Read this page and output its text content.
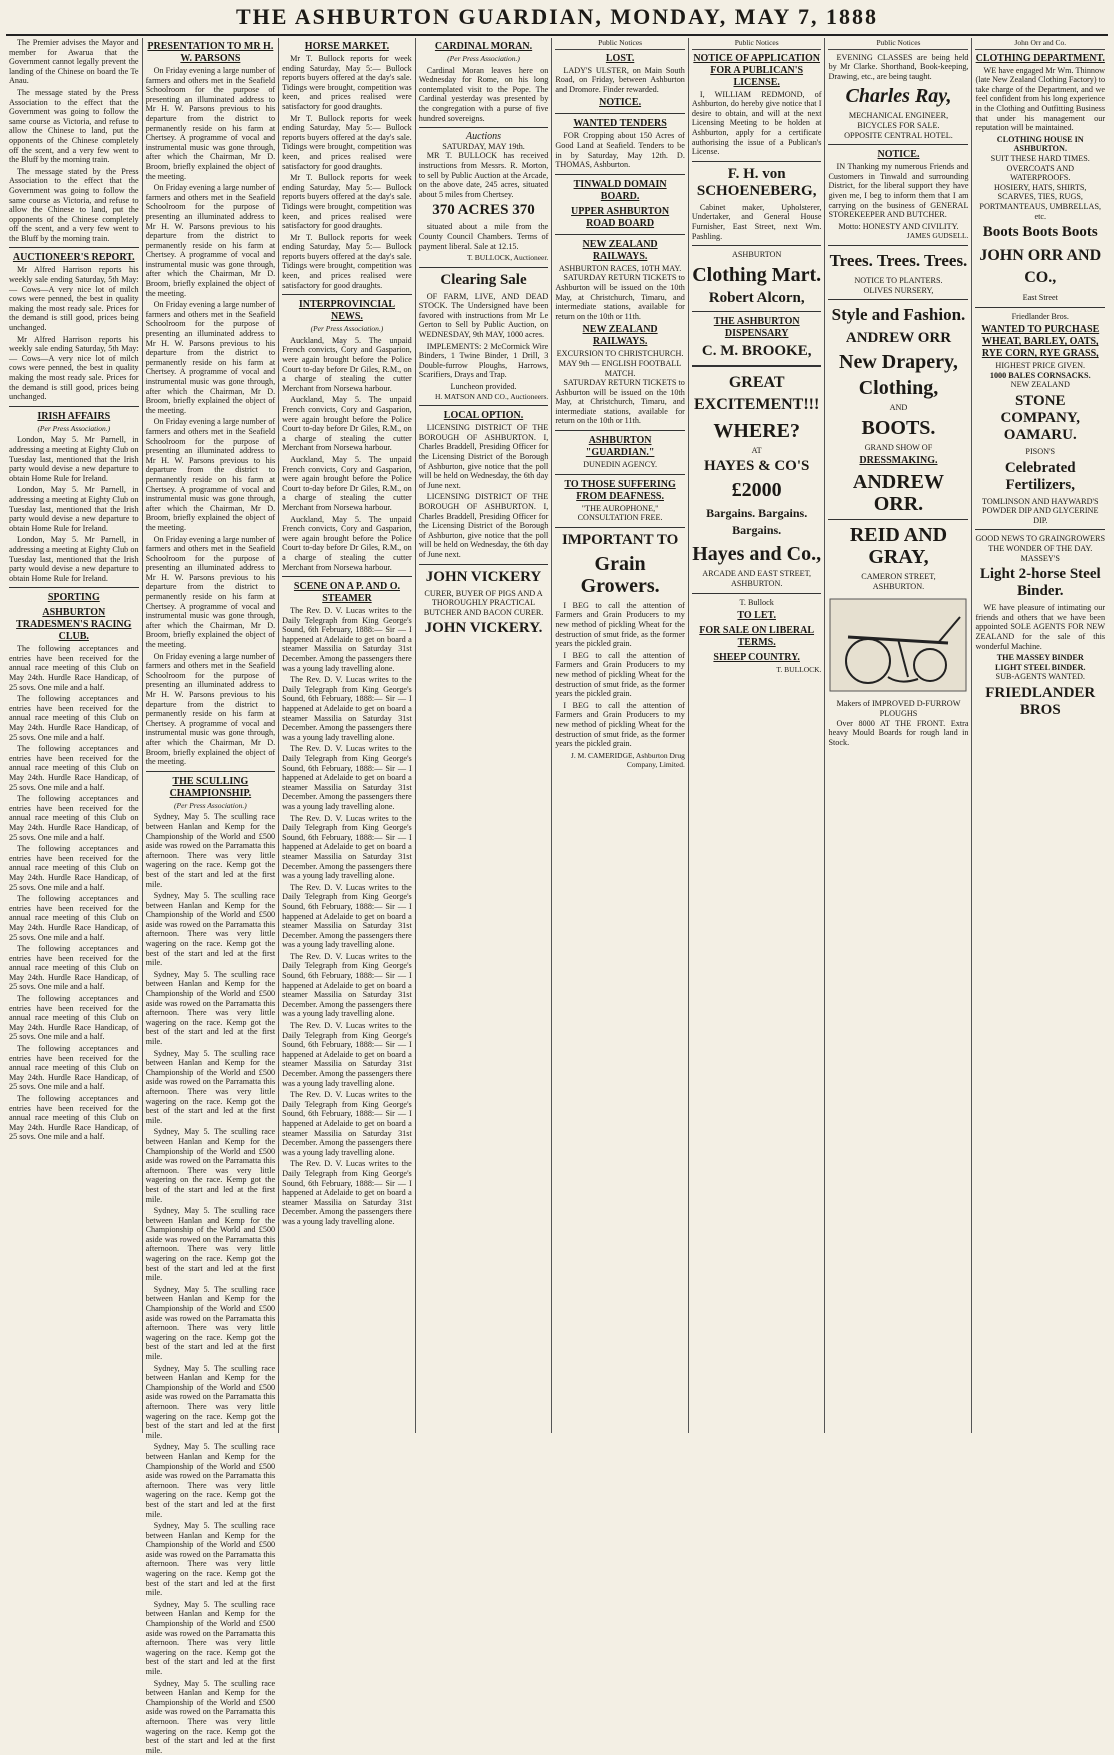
THE ASHBURTON GUARDIAN, MONDAY, MAY 7, 1888

The Premier advises the Mayor and member for Awarua that the Government cannot legally prevent the landing of the Chinese on board the Te Anau.

The message stated by the Press Association to the effect that the Government was going to follow the same course as Victoria, and refuse to allow the Chinese to land, put the opponents of the Chinese completely off the scent, and a very few went to the Bluff by the morning train.

The message stated by the Press Association to the effect that the Government was going to follow the same course as Victoria, and refuse to allow the Chinese to land, put the opponents of the Chinese completely off the scent, and a very few went to the Bluff by the morning train.

AUCTIONEER'S REPORT.

Mr Alfred Harrison reports his weekly sale ending Saturday, 5th May:— Cows—A very nice lot of milch cows were penned, the best in quality making the most ready sale. Prices for the demand is still good, prices being unchanged.

Mr Alfred Harrison reports his weekly sale ending Saturday, 5th May:— Cows—A very nice lot of milch cows were penned, the best in quality making the most ready sale. Prices for the demand is still good, prices being unchanged.

IRISH AFFAIRS
(Per Press Association.)

London, May 5. Mr Parnell, in addressing a meeting at Eighty Club on Tuesday last, mentioned that the Irish party would devise a new departure to obtain Home Rule for Ireland.

London, May 5. Mr Parnell, in addressing a meeting at Eighty Club on Tuesday last, mentioned that the Irish party would devise a new departure to obtain Home Rule for Ireland.

London, May 5. Mr Parnell, in addressing a meeting at Eighty Club on Tuesday last, mentioned that the Irish party would devise a new departure to obtain Home Rule for Ireland.

SPORTING
ASHBURTON TRADESMEN'S RACING CLUB.

The following acceptances and entries have been received for the annual race meeting of this Club on May 24th. Hurdle Race Handicap, of 25 sovs. One mile and a half.

The following acceptances and entries have been received for the annual race meeting of this Club on May 24th. Hurdle Race Handicap, of 25 sovs. One mile and a half.

The following acceptances and entries have been received for the annual race meeting of this Club on May 24th. Hurdle Race Handicap, of 25 sovs. One mile and a half.

The following acceptances and entries have been received for the annual race meeting of this Club on May 24th. Hurdle Race Handicap, of 25 sovs. One mile and a half.

The following acceptances and entries have been received for the annual race meeting of this Club on May 24th. Hurdle Race Handicap, of 25 sovs. One mile and a half.

The following acceptances and entries have been received for the annual race meeting of this Club on May 24th. Hurdle Race Handicap, of 25 sovs. One mile and a half.

The following acceptances and entries have been received for the annual race meeting of this Club on May 24th. Hurdle Race Handicap, of 25 sovs. One mile and a half.

The following acceptances and entries have been received for the annual race meeting of this Club on May 24th. Hurdle Race Handicap, of 25 sovs. One mile and a half.

The following acceptances and entries have been received for the annual race meeting of this Club on May 24th. Hurdle Race Handicap, of 25 sovs. One mile and a half.

The following acceptances and entries have been received for the annual race meeting of this Club on May 24th. Hurdle Race Handicap, of 25 sovs. One mile and a half.

PRESENTATION TO MR H. W. PARSONS

On Friday evening a large number of farmers and others met in the Seafield Schoolroom for the purpose of presenting an illuminated address to Mr H. W. Parsons previous to his departure from the district to permanently reside on his farm at Chertsey. A programme of vocal and instrumental music was gone through, after which the Chairman, Mr D. Broom, briefly explained the object of the meeting.

On Friday evening a large number of farmers and others met in the Seafield Schoolroom for the purpose of presenting an illuminated address to Mr H. W. Parsons previous to his departure from the district to permanently reside on his farm at Chertsey. A programme of vocal and instrumental music was gone through, after which the Chairman, Mr D. Broom, briefly explained the object of the meeting.

On Friday evening a large number of farmers and others met in the Seafield Schoolroom for the purpose of presenting an illuminated address to Mr H. W. Parsons previous to his departure from the district to permanently reside on his farm at Chertsey. A programme of vocal and instrumental music was gone through, after which the Chairman, Mr D. Broom, briefly explained the object of the meeting.

On Friday evening a large number of farmers and others met in the Seafield Schoolroom for the purpose of presenting an illuminated address to Mr H. W. Parsons previous to his departure from the district to permanently reside on his farm at Chertsey. A programme of vocal and instrumental music was gone through, after which the Chairman, Mr D. Broom, briefly explained the object of the meeting.

On Friday evening a large number of farmers and others met in the Seafield Schoolroom for the purpose of presenting an illuminated address to Mr H. W. Parsons previous to his departure from the district to permanently reside on his farm at Chertsey. A programme of vocal and instrumental music was gone through, after which the Chairman, Mr D. Broom, briefly explained the object of the meeting.

On Friday evening a large number of farmers and others met in the Seafield Schoolroom for the purpose of presenting an illuminated address to Mr H. W. Parsons previous to his departure from the district to permanently reside on his farm at Chertsey. A programme of vocal and instrumental music was gone through, after which the Chairman, Mr D. Broom, briefly explained the object of the meeting.

THE SCULLING CHAMPIONSHIP.
(Per Press Association.)

Sydney, May 5. The sculling race between Hanlan and Kemp for the Championship of the World and £500 aside was rowed on the Parramatta this afternoon. There was very little wagering on the race. Kemp got the best of the start and led at the first mile.

Sydney, May 5. The sculling race between Hanlan and Kemp for the Championship of the World and £500 aside was rowed on the Parramatta this afternoon. There was very little wagering on the race. Kemp got the best of the start and led at the first mile.

Sydney, May 5. The sculling race between Hanlan and Kemp for the Championship of the World and £500 aside was rowed on the Parramatta this afternoon. There was very little wagering on the race. Kemp got the best of the start and led at the first mile.

Sydney, May 5. The sculling race between Hanlan and Kemp for the Championship of the World and £500 aside was rowed on the Parramatta this afternoon. There was very little wagering on the race. Kemp got the best of the start and led at the first mile.

Sydney, May 5. The sculling race between Hanlan and Kemp for the Championship of the World and £500 aside was rowed on the Parramatta this afternoon. There was very little wagering on the race. Kemp got the best of the start and led at the first mile.

Sydney, May 5. The sculling race between Hanlan and Kemp for the Championship of the World and £500 aside was rowed on the Parramatta this afternoon. There was very little wagering on the race. Kemp got the best of the start and led at the first mile.

Sydney, May 5. The sculling race between Hanlan and Kemp for the Championship of the World and £500 aside was rowed on the Parramatta this afternoon. There was very little wagering on the race. Kemp got the best of the start and led at the first mile.

Sydney, May 5. The sculling race between Hanlan and Kemp for the Championship of the World and £500 aside was rowed on the Parramatta this afternoon. There was very little wagering on the race. Kemp got the best of the start and led at the first mile.

Sydney, May 5. The sculling race between Hanlan and Kemp for the Championship of the World and £500 aside was rowed on the Parramatta this afternoon. There was very little wagering on the race. Kemp got the best of the start and led at the first mile.

Sydney, May 5. The sculling race between Hanlan and Kemp for the Championship of the World and £500 aside was rowed on the Parramatta this afternoon. There was very little wagering on the race. Kemp got the best of the start and led at the first mile.

Sydney, May 5. The sculling race between Hanlan and Kemp for the Championship of the World and £500 aside was rowed on the Parramatta this afternoon. There was very little wagering on the race. Kemp got the best of the start and led at the first mile.

Sydney, May 5. The sculling race between Hanlan and Kemp for the Championship of the World and £500 aside was rowed on the Parramatta this afternoon. There was very little wagering on the race. Kemp got the best of the start and led at the first mile.

HORSE MARKET.

Mr T. Bullock reports for week ending Saturday, May 5:— Bullock reports buyers offered at the day's sale. Tidings were brought, competition was keen, and prices realised were satisfactory for good draughts.

Mr T. Bullock reports for week ending Saturday, May 5:— Bullock reports buyers offered at the day's sale. Tidings were brought, competition was keen, and prices realised were satisfactory for good draughts.

Mr T. Bullock reports for week ending Saturday, May 5:— Bullock reports buyers offered at the day's sale. Tidings were brought, competition was keen, and prices realised were satisfactory for good draughts.

Mr T. Bullock reports for week ending Saturday, May 5:— Bullock reports buyers offered at the day's sale. Tidings were brought, competition was keen, and prices realised were satisfactory for good draughts.

INTERPROVINCIAL NEWS.
(Per Press Association.)

Auckland, May 5. The unpaid French convicts, Cory and Gasparion, were again brought before the Police Court to-day before Dr Giles, R.M., on a charge of stealing the cutter Merchant from Norsewa harbour.

Auckland, May 5. The unpaid French convicts, Cory and Gasparion, were again brought before the Police Court to-day before Dr Giles, R.M., on a charge of stealing the cutter Merchant from Norsewa harbour.

Auckland, May 5. The unpaid French convicts, Cory and Gasparion, were again brought before the Police Court to-day before Dr Giles, R.M., on a charge of stealing the cutter Merchant from Norsewa harbour.

Auckland, May 5. The unpaid French convicts, Cory and Gasparion, were again brought before the Police Court to-day before Dr Giles, R.M., on a charge of stealing the cutter Merchant from Norsewa harbour.

SCENE ON A P. AND O. STEAMER

The Rev. D. V. Lucas writes to the Daily Telegraph from King George's Sound, 6th February, 1888:— Sir — I happened at Adelaide to get on board a steamer Massilia on Saturday 31st December. Among the passengers there was a young lady travelling alone.

The Rev. D. V. Lucas writes to the Daily Telegraph from King George's Sound, 6th February, 1888:— Sir — I happened at Adelaide to get on board a steamer Massilia on Saturday 31st December. Among the passengers there was a young lady travelling alone.

The Rev. D. V. Lucas writes to the Daily Telegraph from King George's Sound, 6th February, 1888:— Sir — I happened at Adelaide to get on board a steamer Massilia on Saturday 31st December. Among the passengers there was a young lady travelling alone.

The Rev. D. V. Lucas writes to the Daily Telegraph from King George's Sound, 6th February, 1888:— Sir — I happened at Adelaide to get on board a steamer Massilia on Saturday 31st December. Among the passengers there was a young lady travelling alone.

The Rev. D. V. Lucas writes to the Daily Telegraph from King George's Sound, 6th February, 1888:— Sir — I happened at Adelaide to get on board a steamer Massilia on Saturday 31st December. Among the passengers there was a young lady travelling alone.

The Rev. D. V. Lucas writes to the Daily Telegraph from King George's Sound, 6th February, 1888:— Sir — I happened at Adelaide to get on board a steamer Massilia on Saturday 31st December. Among the passengers there was a young lady travelling alone.

The Rev. D. V. Lucas writes to the Daily Telegraph from King George's Sound, 6th February, 1888:— Sir — I happened at Adelaide to get on board a steamer Massilia on Saturday 31st December. Among the passengers there was a young lady travelling alone.

The Rev. D. V. Lucas writes to the Daily Telegraph from King George's Sound, 6th February, 1888:— Sir — I happened at Adelaide to get on board a steamer Massilia on Saturday 31st December. Among the passengers there was a young lady travelling alone.

The Rev. D. V. Lucas writes to the Daily Telegraph from King George's Sound, 6th February, 1888:— Sir — I happened at Adelaide to get on board a steamer Massilia on Saturday 31st December. Among the passengers there was a young lady travelling alone.

CARDINAL MORAN.
(Per Press Association.)

Cardinal Moran leaves here on Wednesday for Rome, on his long contemplated visit to the Pope. The Cardinal yesterday was presented by the congregation with a purse of five hundred sovereigns.

Auctions
SATURDAY, MAY 19th.

MR T. BULLOCK has received instructions from Messrs. R. Morton, to sell by Public Auction at the Arcade, on the above date, 245 acres, situated about 5 miles from Chertsey.

370 ACRES 370

situated about a mile from the County Council Chambers. Terms of payment liberal. Sale at 12.15.

T. BULLOCK, Auctioneer.
Clearing Sale

OF FARM, LIVE, AND DEAD STOCK. The Undersigned have been favored with instructions from Mr Le Gerton to Sell by Public Auction, on WEDNESDAY, 9th MAY, 1000 acres.

IMPLEMENTS: 2 McCormick Wire Binders, 1 Twine Binder, 1 Drill, 3 Double-furrow Ploughs, Harrows, Scarifiers, Drays and Trap.

Luncheon provided.
H. MATSON AND CO., Auctioneers.
LOCAL OPTION.

LICENSING DISTRICT OF THE BOROUGH OF ASHBURTON. I, Charles Braddell, Presiding Officer for the Licensing District of the Borough of Ashburton, give notice that the poll will be held on Wednesday, the 6th day of June next.

LICENSING DISTRICT OF THE BOROUGH OF ASHBURTON. I, Charles Braddell, Presiding Officer for the Licensing District of the Borough of Ashburton, give notice that the poll will be held on Wednesday, the 6th day of June next.

JOHN VICKERY
CURER, BUYER OF PIGS AND A THOROUGHLY PRACTICAL BUTCHER AND BACON CURER.
JOHN VICKERY.
Public Notices
LOST.

LADY'S ULSTER, on Main South Road, on Friday, between Ashburton and Dromore. Finder rewarded.

NOTICE.
WANTED TENDERS

FOR Cropping about 150 Acres of Good Land at Seafield. Tenders to be in by Saturday, May 12th. D. THOMAS, Ashburton.

TINWALD DOMAIN BOARD.
UPPER ASHBURTON ROAD BOARD
NEW ZEALAND RAILWAYS.
ASHBURTON RACES, 10TH MAY.

SATURDAY RETURN TICKETS to Ashburton will be issued on the 10th May, at Christchurch, Timaru, and intermediate stations, available for return on the 10th or 11th.

NEW ZEALAND RAILWAYS.
EXCURSION TO CHRISTCHURCH. MAY 9th — ENGLISH FOOTBALL MATCH.

SATURDAY RETURN TICKETS to Ashburton will be issued on the 10th May, at Christchurch, Timaru, and intermediate stations, available for return on the 10th or 11th.

ASHBURTON "GUARDIAN."
DUNEDIN AGENCY.
TO THOSE SUFFERING FROM DEAFNESS.
"THE AUROPHONE,"
CONSULTATION FREE.
IMPORTANT TO
Grain Growers.

I BEG to call the attention of Farmers and Grain Producers to my new method of pickling Wheat for the destruction of smut fride, as the former years the pickled grain.

I BEG to call the attention of Farmers and Grain Producers to my new method of pickling Wheat for the destruction of smut fride, as the former years the pickled grain.

I BEG to call the attention of Farmers and Grain Producers to my new method of pickling Wheat for the destruction of smut fride, as the former years the pickled grain.

J. M. CAMERIDGE, Ashburton Drug Company, Limited.
Public Notices
NOTICE OF APPLICATION FOR A PUBLICAN'S LICENSE.

I, WILLIAM REDMOND, of Ashburton, do hereby give notice that I desire to obtain, and will at the next Licensing Meeting to be holden at Ashburton, apply for a certificate authorising the issue of a Publican's License.

F. H. von SCHOENEBERG,

Cabinet maker, Upholsterer, Undertaker, and General House Furnisher, East Street, next Wm. Pashling.

ASHBURTON
Clothing Mart.
Robert Alcorn,
THE ASHBURTON DISPENSARY
C. M. BROOKE,
GREAT EXCITEMENT!!!
WHERE?
AT
HAYES & CO'S
£2000
Bargains. Bargains. Bargains.
Hayes and Co.,
ARCADE AND EAST STREET, ASHBURTON.
T. Bullock
TO LET.
FOR SALE ON LIBERAL TERMS.
SHEEP COUNTRY.
T. BULLOCK.
Public Notices

EVENING CLASSES are being held by Mr Clarke. Shorthand, Book-keeping, Drawing, etc., are being taught.

Charles Ray,
MECHANICAL ENGINEER,
BICYCLES FOR SALE.
OPPOSITE CENTRAL HOTEL.
NOTICE.

IN Thanking my numerous Friends and Customers in Tinwald and surrounding District, for the liberal support they have given me, I beg to inform them that I am carrying on the business of GENERAL STOREKEEPER AND BUTCHER.

Motto: HONESTY AND CIVILITY.
JAMES GUDSELL.
Trees. Trees. Trees.
NOTICE TO PLANTERS.
OLIVES NURSERY,
Style and Fashion.
ANDREW ORR
New Drapery,
Clothing,
AND
BOOTS.
GRAND SHOW OF
DRESSMAKING.
ANDREW ORR.
REID AND GRAY,
CAMERON STREET,
ASHBURTON.
Makers of IMPROVED D-FURROW PLOUGHS

Over 8000 AT THE FRONT. Extra heavy Mould Boards for rough land in Stock.

John Orr and Co.
CLOTHING DEPARTMENT.

WE have engaged Mr Wm. Thinnow (late New Zealand Clothing Factory) to take charge of the Department, and we feel confident from his long experience in the Clothing and Outfitting Business that under his management our reputation will be maintained.

CLOTHING HOUSE IN ASHBURTON.
SUIT THESE HARD TIMES.
OVERCOATS AND WATERPROOFS.
HOSIERY, HATS, SHIRTS, SCARVES, TIES, RUGS,
PORTMANTEAUS, UMBRELLAS, etc.
Boots Boots Boots
JOHN ORR AND CO.,
East Street
Friedlander Bros.
WANTED TO PURCHASE WHEAT, BARLEY, OATS, RYE CORN, RYE GRASS,
HIGHEST PRICE GIVEN.
1000 BALES CORNSACKS.
NEW ZEALAND
STONE COMPANY, OAMARU.
PISON'S
Celebrated Fertilizers,
TOMLINSON AND HAYWARD'S POWDER DIP AND GLYCERINE DIP.
GOOD NEWS TO GRAINGROWERS
THE WONDER OF THE DAY.
MASSEY'S
Light 2-horse Steel Binder.

WE have pleasure of intimating our friends and others that we have been appointed SOLE AGENTS FOR NEW ZEALAND for the sale of this wonderful Machine.

THE MASSEY BINDER
LIGHT STEEL BINDER.
SUB-AGENTS WANTED.
FRIEDLANDER BROS
